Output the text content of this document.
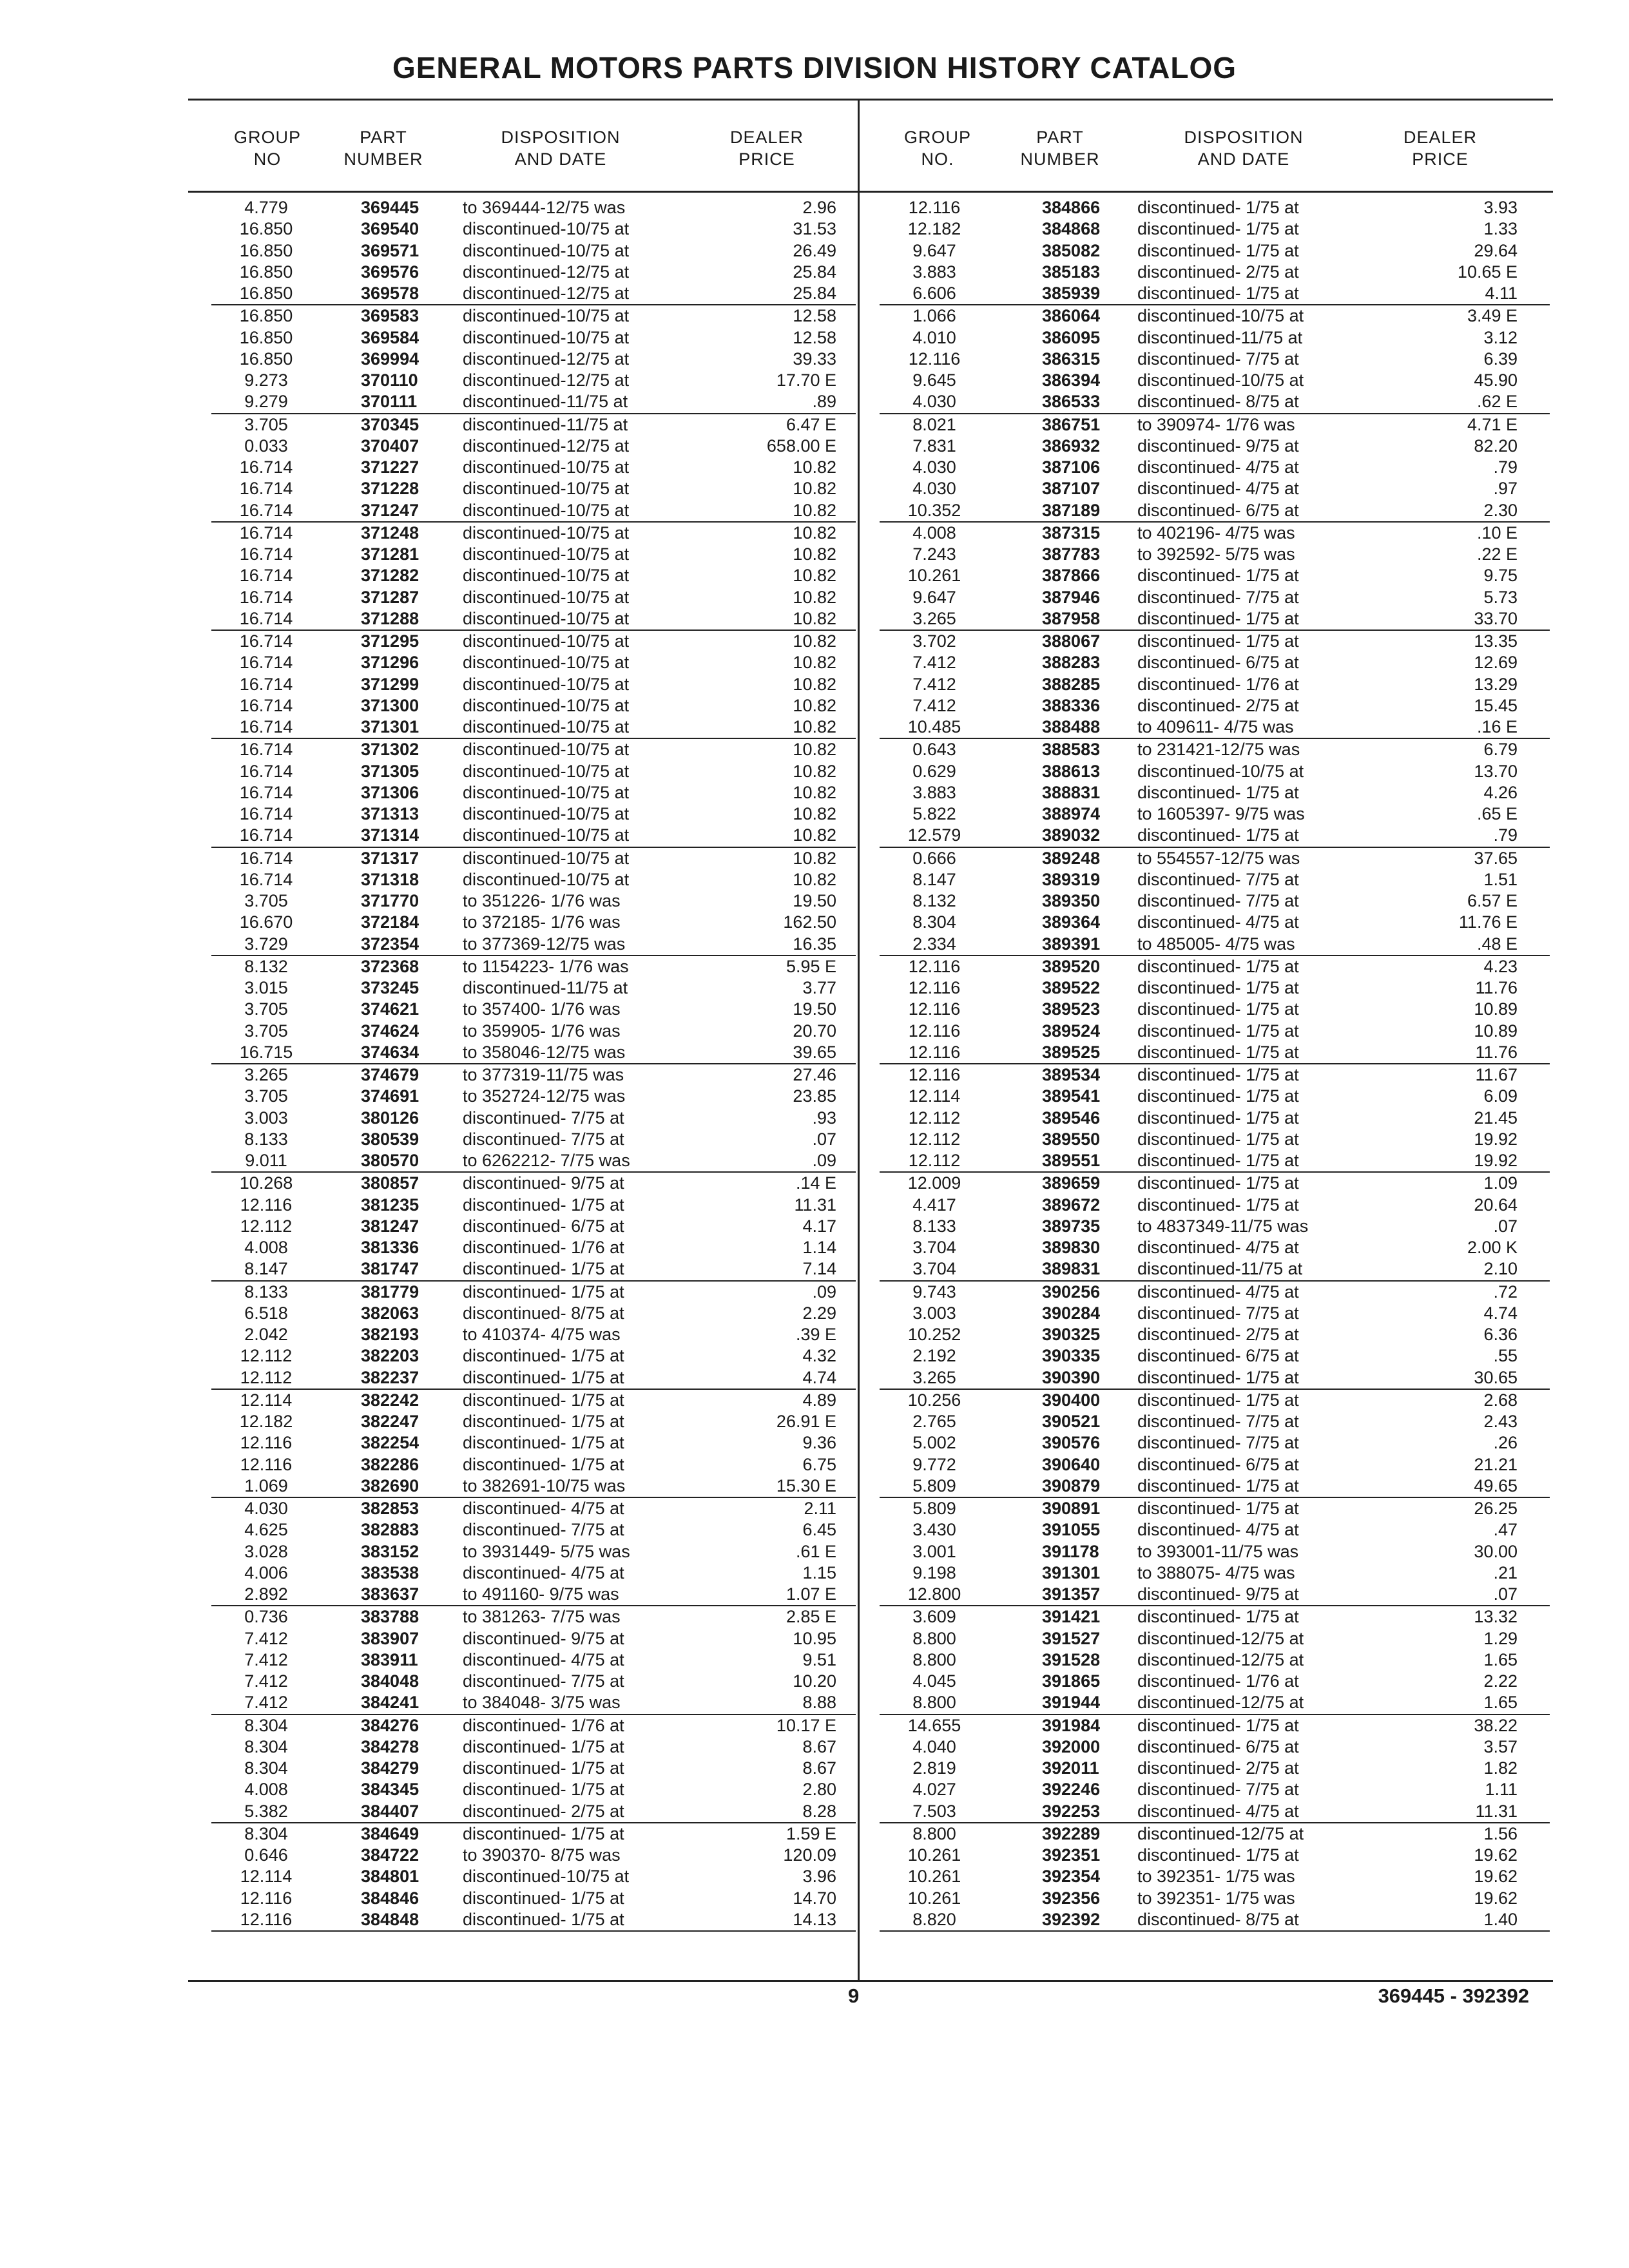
GENERAL MOTORS PARTS DIVISION HISTORY CATALOG
GROUP
NO
PART
NUMBER
DISPOSITION
AND DATE
DEALER
PRICE
GROUP
NO.
PART
NUMBER
DISPOSITION
AND DATE
DEALER
PRICE
4.779	369445	to 369444-12/75 was	2.96
16.850	369540	discontinued-10/75 at	31.53
16.850	369571	discontinued-10/75 at	26.49
16.850	369576	discontinued-12/75 at	25.84
16.850	369578	discontinued-12/75 at	25.84
16.850	369583	discontinued-10/75 at	12.58
16.850	369584	discontinued-10/75 at	12.58
16.850	369994	discontinued-12/75 at	39.33
9.273	370110	discontinued-12/75 at	17.70 E
9.279	370111	discontinued-11/75 at	.89
3.705	370345	discontinued-11/75 at	6.47 E
0.033	370407	discontinued-12/75 at	658.00 E
16.714	371227	discontinued-10/75 at	10.82
16.714	371228	discontinued-10/75 at	10.82
16.714	371247	discontinued-10/75 at	10.82
16.714	371248	discontinued-10/75 at	10.82
16.714	371281	discontinued-10/75 at	10.82
16.714	371282	discontinued-10/75 at	10.82
16.714	371287	discontinued-10/75 at	10.82
16.714	371288	discontinued-10/75 at	10.82
16.714	371295	discontinued-10/75 at	10.82
16.714	371296	discontinued-10/75 at	10.82
16.714	371299	discontinued-10/75 at	10.82
16.714	371300	discontinued-10/75 at	10.82
16.714	371301	discontinued-10/75 at	10.82
16.714	371302	discontinued-10/75 at	10.82
16.714	371305	discontinued-10/75 at	10.82
16.714	371306	discontinued-10/75 at	10.82
16.714	371313	discontinued-10/75 at	10.82
16.714	371314	discontinued-10/75 at	10.82
16.714	371317	discontinued-10/75 at	10.82
16.714	371318	discontinued-10/75 at	10.82
3.705	371770	to 351226- 1/76 was	19.50
16.670	372184	to 372185- 1/76 was	162.50
3.729	372354	to 377369-12/75 was	16.35
8.132	372368	to 1154223- 1/76 was	5.95 E
3.015	373245	discontinued-11/75 at	3.77
3.705	374621	to 357400- 1/76 was	19.50
3.705	374624	to 359905- 1/76 was	20.70
16.715	374634	to 358046-12/75 was	39.65
3.265	374679	to 377319-11/75 was	27.46
3.705	374691	to 352724-12/75 was	23.85
3.003	380126	discontinued- 7/75 at	.93
8.133	380539	discontinued- 7/75 at	.07
9.011	380570	to 6262212- 7/75 was	.09
10.268	380857	discontinued- 9/75 at	.14 E
12.116	381235	discontinued- 1/75 at	11.31
12.112	381247	discontinued- 6/75 at	4.17
4.008	381336	discontinued- 1/76 at	1.14
8.147	381747	discontinued- 1/75 at	7.14
8.133	381779	discontinued- 1/75 at	.09
6.518	382063	discontinued- 8/75 at	2.29
2.042	382193	to 410374- 4/75 was	.39 E
12.112	382203	discontinued- 1/75 at	4.32
12.112	382237	discontinued- 1/75 at	4.74
12.114	382242	discontinued- 1/75 at	4.89
12.182	382247	discontinued- 1/75 at	26.91 E
12.116	382254	discontinued- 1/75 at	9.36
12.116	382286	discontinued- 1/75 at	6.75
1.069	382690	to 382691-10/75 was	15.30 E
4.030	382853	discontinued- 4/75 at	2.11
4.625	382883	discontinued- 7/75 at	6.45
3.028	383152	to 3931449- 5/75 was	.61 E
4.006	383538	discontinued- 4/75 at	1.15
2.892	383637	to 491160- 9/75 was	1.07 E
0.736	383788	to 381263- 7/75 was	2.85 E
7.412	383907	discontinued- 9/75 at	10.95
7.412	383911	discontinued- 4/75 at	9.51
7.412	384048	discontinued- 7/75 at	10.20
7.412	384241	to 384048- 3/75 was	8.88
8.304	384276	discontinued- 1/76 at	10.17 E
8.304	384278	discontinued- 1/75 at	8.67
8.304	384279	discontinued- 1/75 at	8.67
4.008	384345	discontinued- 1/75 at	2.80
5.382	384407	discontinued- 2/75 at	8.28
8.304	384649	discontinued- 1/75 at	1.59 E
0.646	384722	to 390370- 8/75 was	120.09
12.114	384801	discontinued-10/75 at	3.96
12.116	384846	discontinued- 1/75 at	14.70
12.116	384848	discontinued- 1/75 at	14.13
12.116	384866 discontinued- 1/75 at	3.93
12.182	384868 discontinued- 1/75 at	1.33
9.647	385082 discontinued- 1/75 at	29.64
3.883	385183 discontinued- 2/75 at	10.65 E
6.606	385939 discontinued- 1/75 at	4.11
1.066	386064 discontinued-10/75 at	3.49 E
4.010	386095 discontinued-11/75 at	3.12
12.116	386315 discontinued- 7/75 at	6.39
9.645	386394 discontinued-10/75 at	45.90
4.030	386533 discontinued- 8/75 at	.62 E
8.021	386751 to 390974- 1/76 was	4.71 E
7.831	386932 discontinued- 9/75 at	82.20
4.030	387106 discontinued- 4/75 at	.79
4.030	387107 discontinued- 4/75 at	.97
10.352	387189 discontinued- 6/75 at	2.30
4.008	387315 to 402196- 4/75 was	.10 E
7.243	387783 to 392592- 5/75 was	.22 E
10.261	387866 discontinued- 1/75 at	9.75
9.647	387946 discontinued- 7/75 at	5.73
3.265	387958 discontinued- 1/75 at	33.70
3.702	388067 discontinued- 1/75 at	13.35
7.412	388283 discontinued- 6/75 at	12.69
7.412	388285 discontinued- 1/76 at	13.29
7.412	388336 discontinued- 2/75 at	15.45
10.485	388488 to 409611- 4/75 was	.16 E
0.643	388583 to 231421-12/75 was	6.79
0.629	388613 discontinued-10/75 at	13.70
3.883	388831 discontinued- 1/75 at	4.26
5.822	388974 to 1605397- 9/75 was	.65 E
12.579	389032 discontinued- 1/75 at	.79
0.666	389248 to 554557-12/75 was	37.65
8.147	389319 discontinued- 7/75 at	1.51
8.132	389350 discontinued- 7/75 at	6.57 E
8.304	389364 discontinued- 4/75 at	11.76 E
2.334	389391 to 485005- 4/75 was	.48 E
12.116	389520 discontinued- 1/75 at	4.23
12.116	389522 discontinued- 1/75 at	11.76
12.116	389523 discontinued- 1/75 at	10.89
12.116	389524 discontinued- 1/75 at	10.89
12.116	389525 discontinued- 1/75 at	11.76
12.116	389534 discontinued- 1/75 at	11.67
12.114	389541 discontinued- 1/75 at	6.09
12.112	389546 discontinued- 1/75 at	21.45
12.112	389550 discontinued- 1/75 at	19.92
12.112	389551 discontinued- 1/75 at	19.92
12.009	389659 discontinued- 1/75 at	1.09
4.417	389672 discontinued- 1/75 at	20.64
8.133	389735 to 4837349-11/75 was	.07
3.704	389830 discontinued- 4/75 at	2.00 K
3.704	389831 discontinued-11/75 at	2.10
9.743	390256 discontinued- 4/75 at	.72
3.003	390284 discontinued- 7/75 at	4.74
10.252	390325 discontinued- 2/75 at	6.36
2.192	390335 discontinued- 6/75 at	.55
3.265	390390 discontinued- 1/75 at	30.65
10.256	390400 discontinued- 1/75 at	2.68
2.765	390521 discontinued- 7/75 at	2.43
5.002	390576 discontinued- 7/75 at	.26
9.772	390640 discontinued- 6/75 at	21.21
5.809	390879 discontinued- 1/75 at	49.65
5.809	390891 discontinued- 1/75 at	26.25
3.430	391055 discontinued- 4/75 at	.47
3.001	391178 to 393001-11/75 was	30.00
9.198	391301 to 388075- 4/75 was	.21
12.800	391357 discontinued- 9/75 at	.07
3.609	391421 discontinued- 1/75 at	13.32
8.800	391527 discontinued-12/75 at	1.29
8.800	391528 discontinued-12/75 at	1.65
4.045	391865 discontinued- 1/76 at	2.22
8.800	391944 discontinued-12/75 at	1.65
14.655	391984 discontinued- 1/75 at	38.22
4.040	392000 discontinued- 6/75 at	3.57
2.819	392011 discontinued- 2/75 at	1.82
4.027	392246 discontinued- 7/75 at	1.11
7.503	392253 discontinued- 4/75 at	11.31
8.800	392289 discontinued-12/75 at	1.56
10.261	392351 discontinued- 1/75 at	19.62
10.261	392354 to 392351- 1/75 was	19.62
10.261	392356 to 392351- 1/75 was	19.62
8.820	392392 discontinued- 8/75 at	1.40
9	369445 - 392392
